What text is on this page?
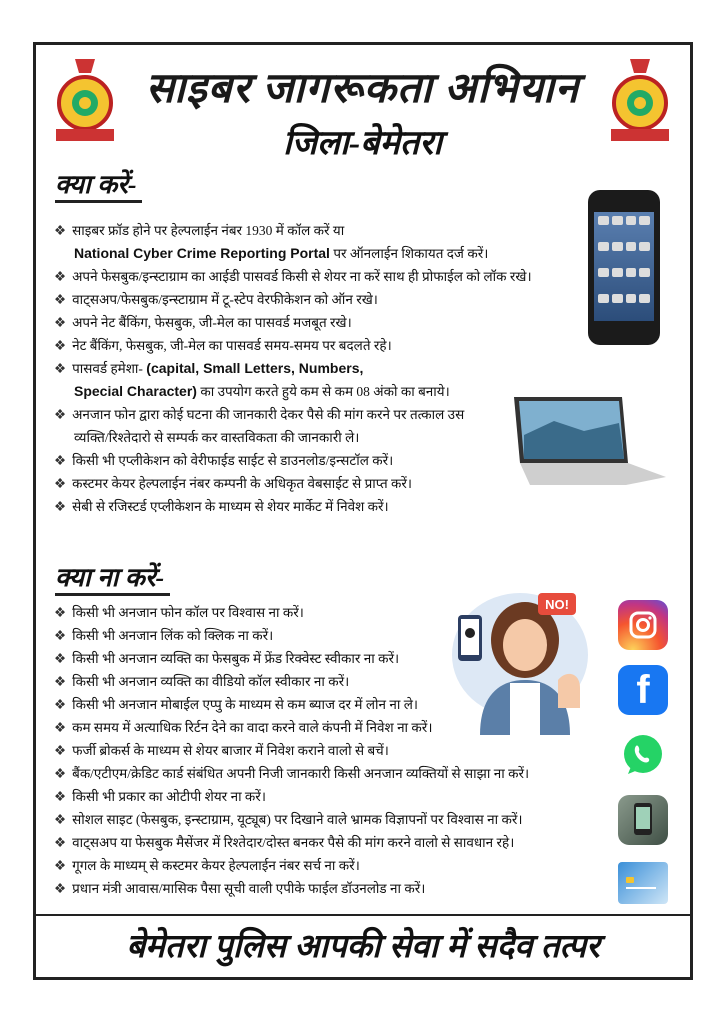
साइबर जागरूकता अभियान
जिला-बेमेतरा
क्या करें-
❖ साइबर फ्रॉड होने पर हेल्पलाईन नंबर 1930 में कॉल करें या
National Cyber Crime Reporting Portal पर ऑनलाईन शिकायत दर्ज करें।
❖ अपने फेसबुक/इन्स्टाग्राम का आईडी पासवर्ड किसी से शेयर ना करें साथ ही प्रोफाईल को लॉक रखे।
❖ वाट्सअप/फेसबुक/इन्स्टाग्राम में टू-स्टेप वेरफीकेशन को ऑन रखे।
❖ अपने नेट बैंकिंग, फेसबुक, जी-मेल का पासवर्ड मजबूत रखे।
❖ नेट बैंकिंग, फेसबुक, जी-मेल का पासवर्ड समय-समय पर बदलते रहे।
❖ पासवर्ड हमेशा- (capital, Small Letters, Numbers,
Special Character) का उपयोग करते हुये कम से कम 08 अंको का बनाये।
❖ अनजान फोन द्वारा कोई घटना की जानकारी देकर पैसे की मांग करने पर तत्काल उस
व्यक्ति/रिश्तेदारो से सम्पर्क कर वास्तविकता की जानकारी ले।
❖ किसी भी एप्लीकेशन को वेरीफाईड साईट से डाउनलोड/इन्सटॉल करें।
❖ कस्टमर केयर हेल्पलाईन नंबर कम्पनी के अधिकृत वेबसाईट से प्राप्त करें।
❖ सेबी से रजिस्टर्ड एप्लीकेशन के माध्यम से शेयर मार्केट में निवेश करें।
क्या ना करें-
❖ किसी भी अनजान फोन कॉल पर विश्वास ना करें।
❖ किसी भी अनजान लिंक को क्लिक ना करें।
❖ किसी भी अनजान व्यक्ति का फेसबुक में फ्रेंड रिक्वेस्ट स्वीकार ना करें।
❖ किसी भी अनजान व्यक्ति का वीडियो कॉल स्वीकार ना करें।
❖ किसी भी अनजान मोबाईल एप्पु के माध्यम से कम ब्याज दर में लोन ना ले।
❖ कम समय में अत्याधिक रिर्टन देने का वादा करने वाले कंपनी में निवेश ना करें।
❖ फर्जी ब्रोकर्स के माध्यम से शेयर बाजार में निवेश कराने वालो से बचें।
❖ बैंक/एटीएम/क्रेडिट कार्ड संबंधित अपनी निजी जानकारी किसी अनजान व्यक्तियों से साझा ना करें।
❖ किसी भी प्रकार का ओटीपी शेयर ना करें।
❖ सोशल साइट (फेसबुक, इन्स्टाग्राम, यूट्यूब) पर दिखाने वाले भ्रामक विज्ञापनों पर विश्वास ना करें।
❖ वाट्सअप या फेसबुक मैसेंजर में रिश्तेदार/दोस्त बनकर पैसे की मांग करने वालो से सावधान रहे।
❖ गूगल के माध्यम् से कस्टमर केयर हेल्पलाईन नंबर सर्च ना करें।
❖ प्रधान मंत्री आवास/मासिक पैसा सूची वाली एपीके फाईल डॉउनलोड ना करें।
NO!
f
बेमेतरा पुलिस आपकी सेवा में सदैव तत्पर
